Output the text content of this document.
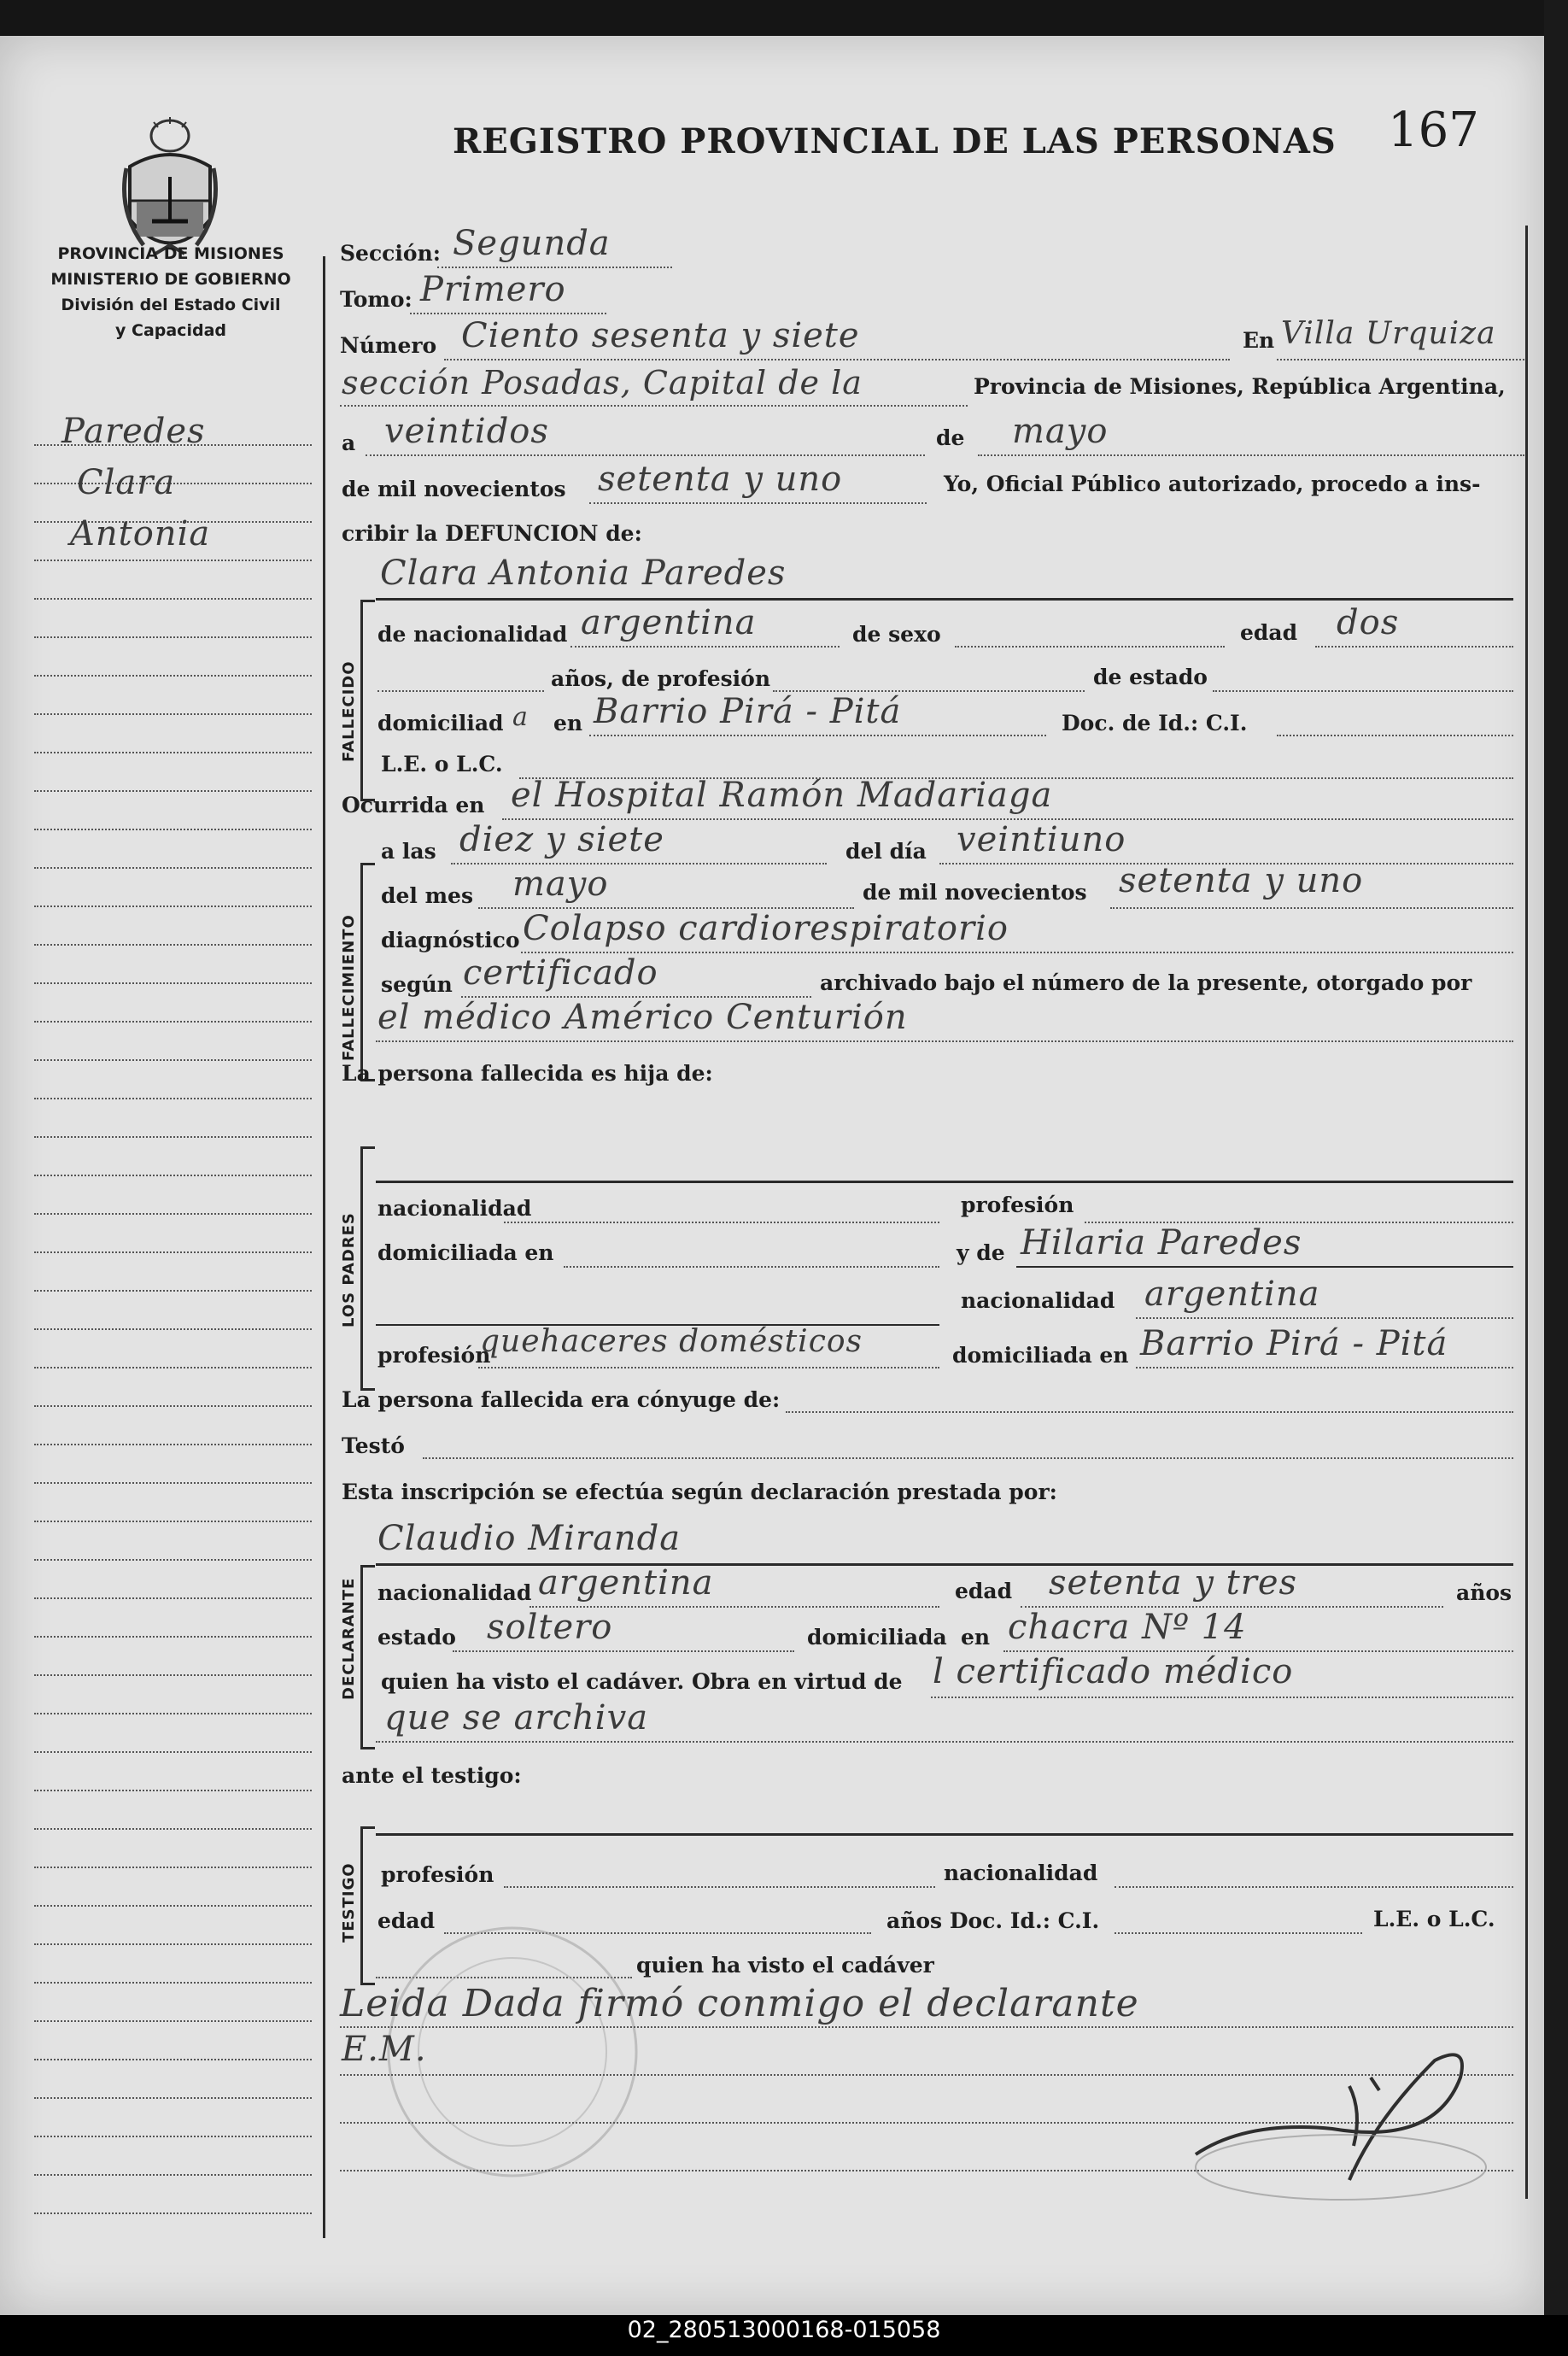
PROVINCIA DE MISIONES
MINISTERIO DE GOBIERNO
División del Estado Civil
y Capacidad
REGISTRO PROVINCIAL DE LAS PERSONAS 167
Paredes
Clara
Antonia
Sección: Segunda
Tomo: Primero
Número Ciento sesenta y siete	En Villa Urquiza
sección Posadas, Capital de la	Provincia de Misiones, República Argentina,
a veintidos	de mayo
de mil novecientos setenta y uno	Yo, Oficial Público autorizado, procedo a ins-
cribir la DEFUNCION de:
FALLECIDO
Clara Antonia Paredes
de nacionalidad argentina	de sexo	edad dos
años, de profesión	de estado
domiciliad a en Barrio Pirá - Pitá	Doc. de Id.: C.I.
L.E. o L.C.
Ocurrida en el Hospital Ramón Madariaga
FALLECIMIENTO
a las diez y siete	del día veintiuno
del mes mayo	de mil novecientos setenta y uno
diagnóstico Colapso cardiorespiratorio
según certificado	archivado bajo el número de la presente, otorgado por
el médico Américo Centurión
La persona fallecida es hija de:
LOS PADRES
nacionalidad	profesión
domiciliada en	y de Hilaria Paredes
nacionalidad argentina
profesión
quehaceres domésticos	domiciliada en Barrio Pirá - Pitá
La persona fallecida era cónyuge de:
Testó
Esta inscripción se efectúa según declaración prestada por:
DECLARANTE
Claudio Miranda
nacionalidad argentina	edad setenta y tres	años
estado soltero	domiciliada en chacra Nº 14
quien ha visto el cadáver. Obra en virtud de l certificado médico
que se archiva
ante el testigo:
TESTIGO profesión	nacionalidad
edad	años Doc. Id.: C.I.	L.E. o L.C.
quien ha visto el cadáver
Leida Dada firmó conmigo el declarante
E.M.
02_280513000168-015058
